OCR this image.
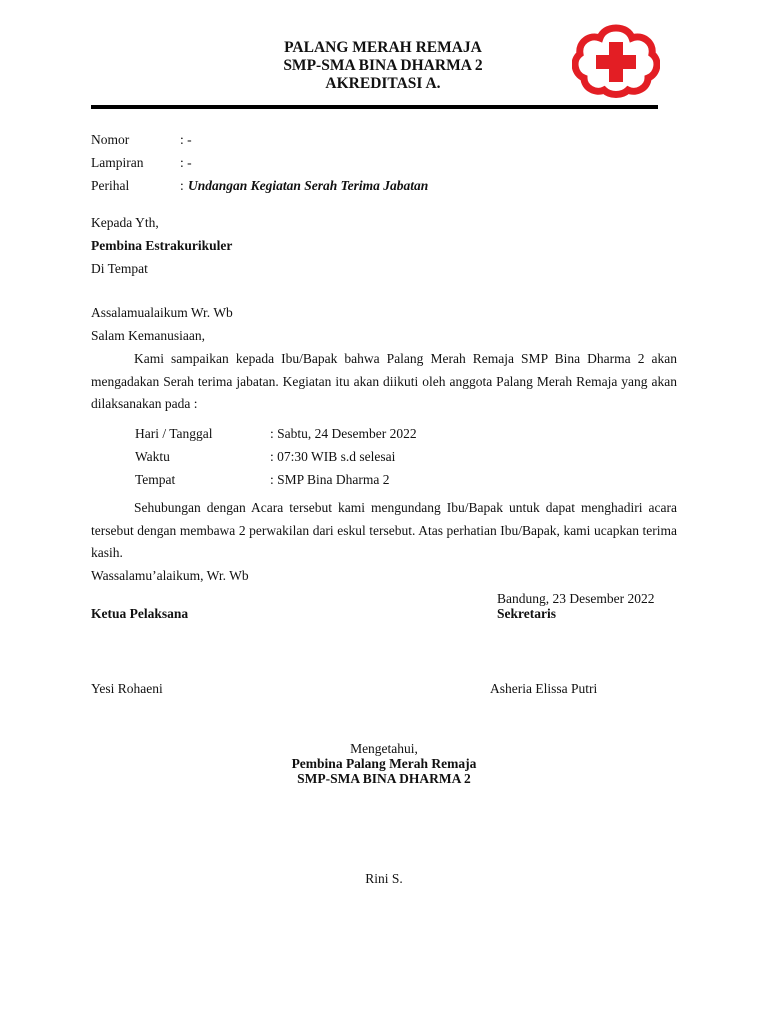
PALANG MERAH REMAJA
SMP-SMA BINA DHARMA 2
AKREDITASI A.
Nomor	: -
Lampiran	: -
Perihal	: Undangan Kegiatan Serah Terima Jabatan
Kepada Yth,
Pembina Estrakurikuler
Di Tempat
Assalamualaikum Wr. Wb
Salam Kemanusiaan,
Kami sampaikan kepada Ibu/Bapak bahwa Palang Merah Remaja SMP Bina Dharma 2 akan mengadakan Serah terima jabatan. Kegiatan itu akan diikuti oleh anggota Palang Merah Remaja yang akan dilaksanakan pada :
Hari / Tanggal	: Sabtu, 24 Desember 2022
Waktu	: 07:30 WIB s.d selesai
Tempat	: SMP Bina Dharma 2
Sehubungan dengan Acara tersebut kami mengundang Ibu/Bapak untuk dapat menghadiri acara tersebut dengan membawa 2 perwakilan dari eskul tersebut. Atas perhatian Ibu/Bapak, kami ucapkan terima kasih.
Wassalamu’alaikum, Wr. Wb
Bandung, 23 Desember 2022
Ketua Pelaksana	Sekretaris
Yesi Rohaeni	Asheria Elissa Putri
Mengetahui,
Pembina Palang Merah Remaja
SMP-SMA BINA DHARMA 2
Rini S.
